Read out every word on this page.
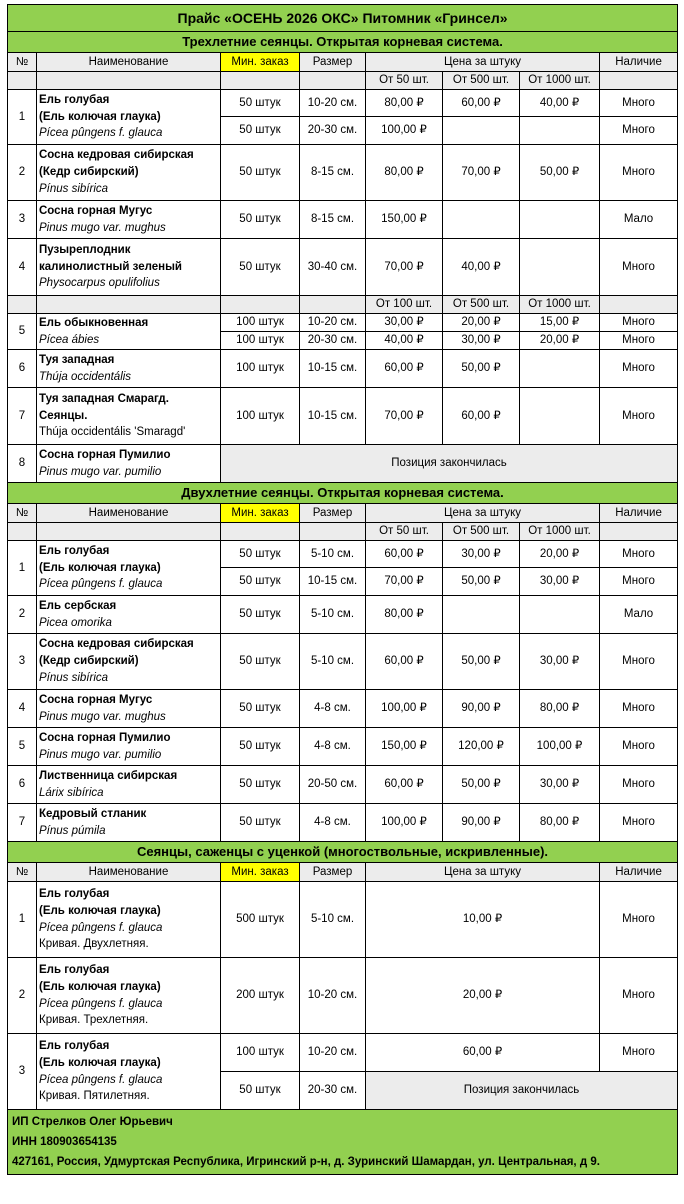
Прайс «ОСЕНЬ 2026 ОКС» Питомник «Гринсел»							
Трехлетние сеянцы. Открытая корневая система.							
№	Наименование	Мин. заказ	Размер	Цена за штуку			Наличие
				От 50 шт.	От 500 шт.	От 1000 шт.	
1	Ель голубая
(Ель колючая глаука)
Pícea pûngens f. glauca	50 штук	10-20 см.	80,00 ₽	60,00 ₽	40,00 ₽	Много
		50 штук	20-30 см.	100,00 ₽			Много
2	Сосна кедровая сибирская
(Кедр сибирский)
Pínus sibírica	50 штук	8-15 см.	80,00 ₽	70,00 ₽	50,00 ₽	Много
3	Сосна горная Мугус
Pinus mugo var. mughus	50 штук	8-15 см.	150,00 ₽			Мало
4	Пузыреплодник
калинолистный зеленый
Physocarpus opulifolius	50 штук	30-40 см.	70,00 ₽	40,00 ₽		Много
				От 100 шт.	От 500 шт.	От 1000 шт.	
5	Ель обыкновенная
Pícea ábies	100 штук	10-20 см.	30,00 ₽	20,00 ₽	15,00 ₽	Много
		100 штук	20-30 см.	40,00 ₽	30,00 ₽	20,00 ₽	Много
6	Туя западная
Thúja occidentális	100 штук	10-15 см.	60,00 ₽	50,00 ₽		Много
7	Туя западная Смарагд.
Сеянцы.
Thúja occidentális 'Smaragd'	100 штук	10-15 см.	70,00 ₽	60,00 ₽		Много
8	Сосна горная Пумилио
Pinus mugo var. pumilio	Позиция закончилась					
Двухлетние сеянцы. Открытая корневая система.							
№	Наименование	Мин. заказ	Размер	Цена за штуку			Наличие
				От 50 шт.	От 500 шт.	От 1000 шт.	
1	Ель голубая
(Ель колючая глаука)
Pícea pûngens f. glauca	50 штук	5-10 см.	60,00 ₽	30,00 ₽	20,00 ₽	Много
		50 штук	10-15 см.	70,00 ₽	50,00 ₽	30,00 ₽	Много
2	Ель сербская
Picea omorika	50 штук	5-10 см.	80,00 ₽			Мало
3	Сосна кедровая сибирская
(Кедр сибирский)
Pínus sibírica	50 штук	5-10 см.	60,00 ₽	50,00 ₽	30,00 ₽	Много
4	Сосна горная Мугус
Pinus mugo var. mughus	50 штук	4-8 см.	100,00 ₽	90,00 ₽	80,00 ₽	Много
5	Сосна горная Пумилио
Pinus mugo var. pumilio	50 штук	4-8 см.	150,00 ₽	120,00 ₽	100,00 ₽	Много
6	Лиственница сибирская
Lárix sibírica	50 штук	20-50 см.	60,00 ₽	50,00 ₽	30,00 ₽	Много
7	Кедровый стланик
Pínus púmila	50 штук	4-8 см.	100,00 ₽	90,00 ₽	80,00 ₽	Много
Сеянцы, саженцы с уценкой (многоствольные, искривленные).							
№	Наименование	Мин. заказ	Размер	Цена за штуку			Наличие
1	Ель голубая
(Ель колючая глаука)
Pícea pûngens f. glauca
Кривая. Двухлетняя.	500 штук	5-10 см.	10,00 ₽			Много
2	Ель голубая
(Ель колючая глаука)
Pícea pûngens f. glauca
Кривая. Трехлетняя.	200 штук	10-20 см.	20,00 ₽			Много
3	Ель голубая
(Ель колючая глаука)
Pícea pûngens f. glauca
Кривая. Пятилетняя.	100 штук	10-20 см.	60,00 ₽			Много
		50 штук	20-30 см.	Позиция закончилась			

ИП Стрелков Олег Юрьевич
ИНН 180903654135
427161, Россия, Удмуртская Республика, Игринский р-н, д. Зуринский Шамардан, ул. Центральная, д 9.							
